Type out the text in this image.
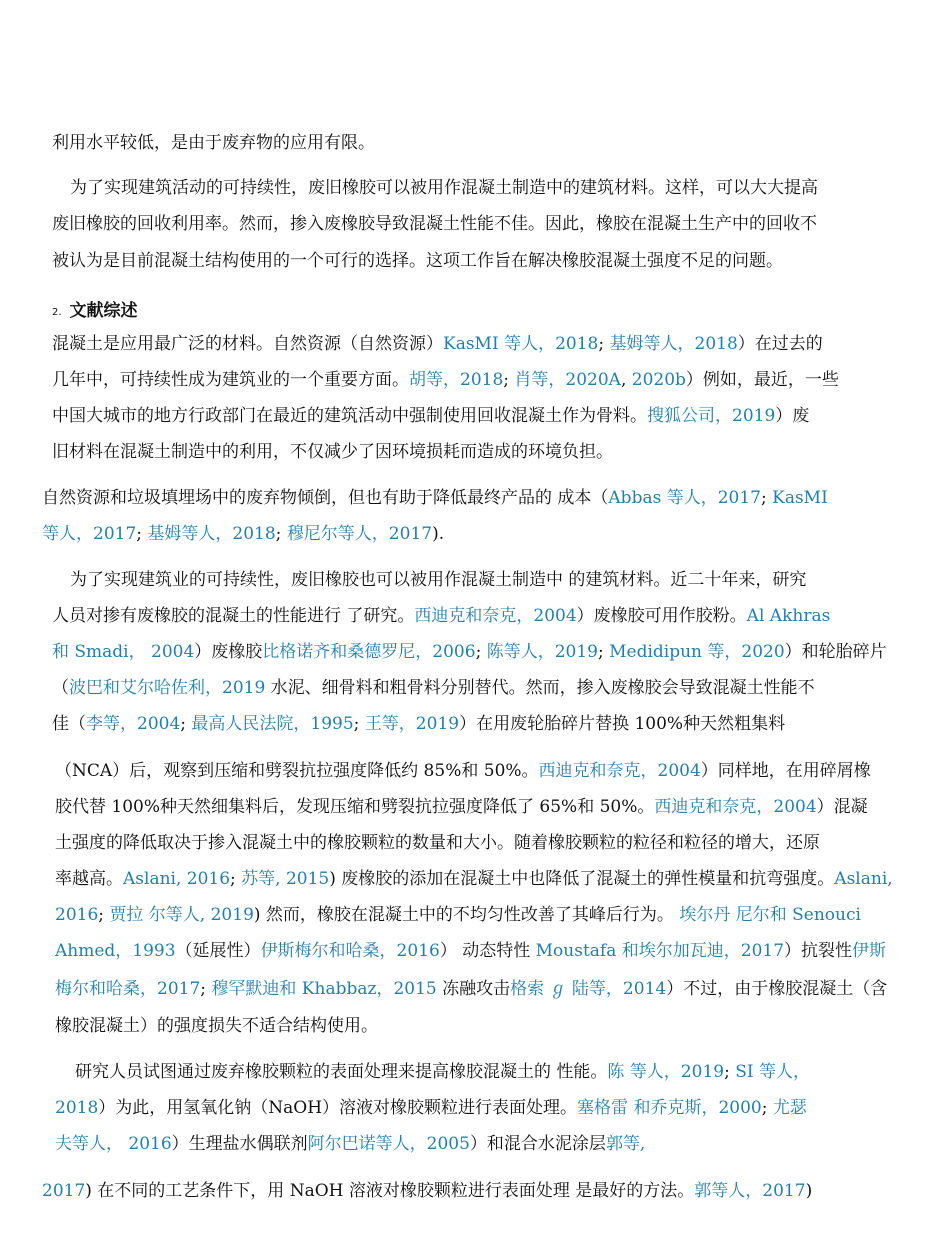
利用水平较低，是由于废弃物的应用有限。
为了实现建筑活动的可持续性，废旧橡胶可以被用作混凝土制造中的建筑材料。这样，可以大大提高
废旧橡胶的回收利用率。然而，掺入废橡胶导致混凝土性能不佳。因此，橡胶在混凝土生产中的回收不
被认为是目前混凝土结构使用的一个可行的选择。这项工作旨在解决橡胶混凝土强度不足的问题。
2. 文献综述
混凝土是应用最广泛的材料。自然资源（自然资源）KasMI 等人，2018; 基姆等人，2018）在过去的
几年中，可持续性成为建筑业的一个重要方面。胡等，2018; 肖等，2020A, 2020b）例如，最近，一些
中国大城市的地方行政部门在最近的建筑活动中强制使用回收混凝土作为骨料。搜狐公司，2019）废
旧材料在混凝土制造中的利用，不仅减少了因环境损耗而造成的环境负担。
自然资源和垃圾填埋场中的废弃物倾倒，但也有助于降低最终产品的 成本（Abbas 等人，2017; KasMI
等人，2017; 基姆等人，2018; 穆尼尔等人，2017).
为了实现建筑业的可持续性，废旧橡胶也可以被用作混凝土制造中 的建筑材料。近二十年来，研究
人员对掺有废橡胶的混凝土的性能进行 了研究。西迪克和奈克，2004）废橡胶可用作胶粉。Al Akhras
和 Smadi， 2004）废橡胶比格诺齐和桑德罗尼，2006; 陈等人，2019; Medidipun 等，2020）和轮胎碎片
（波巴和艾尔哈佐利，2019 水泥、细骨料和粗骨料分别替代。然而，掺入废橡胶会导致混凝土性能不
佳（李等，2004; 最高人民法院，1995; 王等，2019）在用废轮胎碎片替换 100%种天然粗集料
（NCA）后，观察到压缩和劈裂抗拉强度降低约 85%和 50%。西迪克和奈克，2004）同样地，在用碎屑橡
胶代替 100%种天然细集料后，发现压缩和劈裂抗拉强度降低了 65%和 50%。西迪克和奈克，2004）混凝
土强度的降低取决于掺入混凝土中的橡胶颗粒的数量和大小。随着橡胶颗粒的粒径和粒径的增大，还原
率越高。Aslani, 2016; 苏等, 2015) 废橡胶的添加在混凝土中也降低了混凝土的弹性模量和抗弯强度。Aslani,
2016; 贾拉 尔等人, 2019) 然而，橡胶在混凝土中的不均匀性改善了其峰后行为。 埃尔丹 尼尔和 Senouci
Ahmed，1993（延展性）伊斯梅尔和哈桑，2016） 动态特性 Moustafa 和埃尔加瓦迪，2017）抗裂性伊斯
梅尔和哈桑，2017; 穆罕默迪和 Khabbaz，2015 冻融攻击格索 ℊ 陆等，2014）不过，由于橡胶混凝土（含
橡胶混凝土）的强度损失不适合结构使用。
研究人员试图通过废弃橡胶颗粒的表面处理来提高橡胶混凝土的 性能。陈 等人，2019; SI 等人，
2018）为此，用氢氧化钠（NaOH）溶液对橡胶颗粒进行表面处理。塞格雷 和乔克斯，2000; 尤瑟
夫等人， 2016）生理盐水偶联剂阿尔巴诺等人，2005）和混合水泥涂层郭等,
2017) 在不同的工艺条件下，用 NaOH 溶液对橡胶颗粒进行表面处理 是最好的方法。郭等人，2017)
